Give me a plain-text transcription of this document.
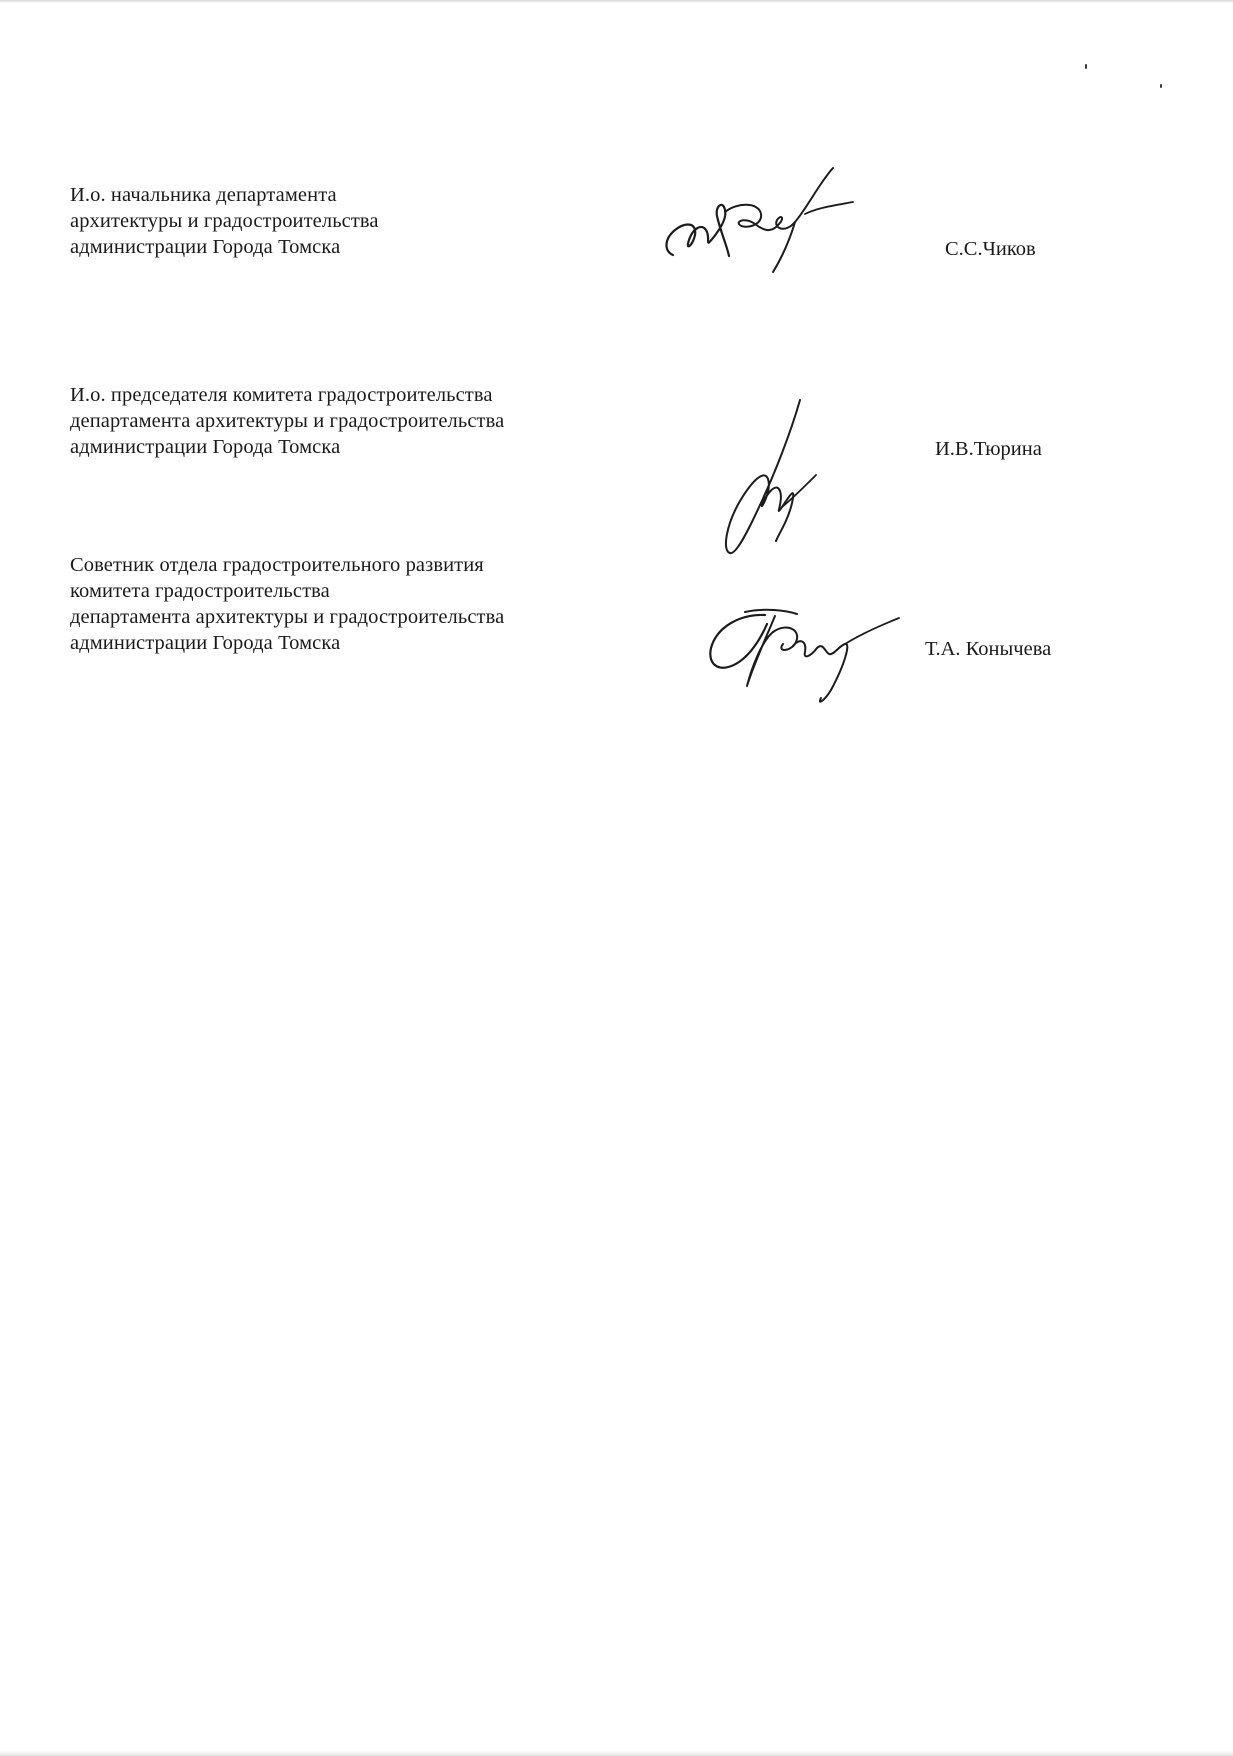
И.о. начальника департамента
архитектуры и градостроительства
администрации Города Томска	С.С.Чиков
И.о. председателя комитета градостроительства
департамента архитектуры и градостроительства
администрации Города Томска	И.В.Тюрина
Советник отдела градостроительного развития
комитета градостроительства
департамента архитектуры и градостроительства
администрации Города Томска	Т.А. Конычева
